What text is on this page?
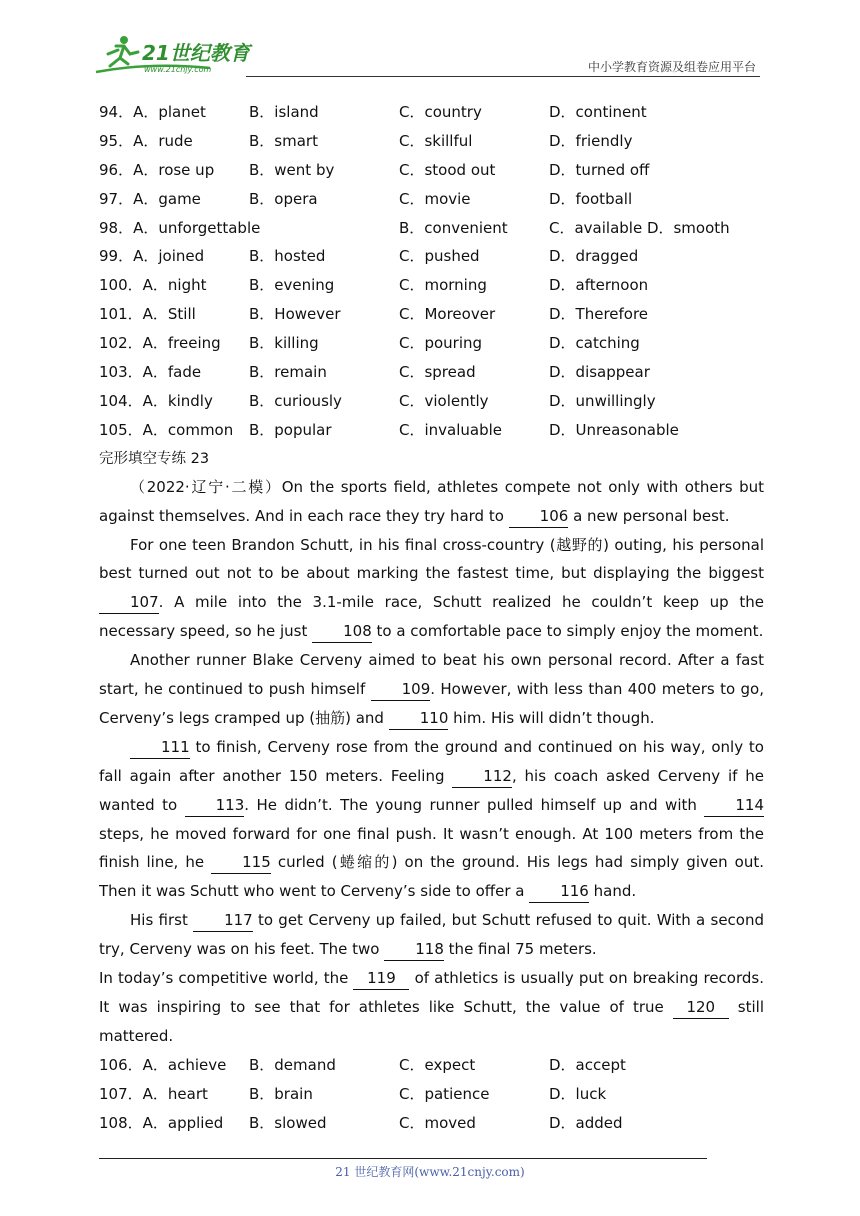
21世纪教育
www.21cnjy.com	中小学教育资源及组卷应用平台
94．A．planet	B．island	C．country	D．continent
95．A．rude	B．smart	C．skillful	D．friendly
96．A．rose up B．went by	C．stood out	D．turned off
97．A．game	B．opera	C．movie	D．football
98．A．unforgettable	B．convenient	C．available D．smooth
99．A．joined	B．hosted	C．pushed	D．dragged
100．A．night	B．evening	C．morning	D．afternoon
101．A．Still	B．However	C．Moreover	D．Therefore
102．A．freeing B．killing	C．pouring	D．catching
103．A．fade	B．remain	C．spread	D．disappear
104．A．kindly B．curiously	C．violently	D．unwillingly
105．A．common B．popular	C．invaluable	D．Unreasonable
完形填空专练 23
（2022·辽宁·二模）On the sports field, athletes compete not only with others but against themselves. And in each race they try hard to 106 a new personal best.
For one teen Brandon Schutt, in his final cross-country (越野的) outing, his personal best turned out not to be about marking the fastest time, but displaying the biggest 107. A mile into the 3.1-mile race, Schutt realized he couldn’t keep up the necessary speed, so he just 108 to a comfortable pace to simply enjoy the moment.
Another runner Blake Cerveny aimed to beat his own personal record. After a fast start, he continued to push himself 109. However, with less than 400 meters to go, Cerveny’s legs cramped up (抽筋) and 110 him. His will didn’t though.
111 to finish, Cerveny rose from the ground and continued on his way, only to fall again after another 150 meters. Feeling 112, his coach asked Cerveny if he wanted to 113. He didn’t. The young runner pulled himself up and with 114 steps, he moved forward for one final push. It wasn’t enough. At 100 meters from the finish line, he 115 curled (蜷缩的) on the ground. His legs had simply given out. Then it was Schutt who went to Cerveny’s side to offer a 116 hand.
His first 117 to get Cerveny up failed, but Schutt refused to quit. With a second try, Cerveny was on his feet. The two 118 the final 75 meters.
In today’s competitive world, the 119 of athletics is usually put on breaking records. It was inspiring to see that for athletes like Schutt, the value of true 120 still mattered.
106．A．achieve B．demand	C．expect	D．accept
107．A．heart	B．brain	C．patience	D．luck
108．A．applied B．slowed	C．moved	D．added
21 世纪教育网(www.21cnjy.com)
